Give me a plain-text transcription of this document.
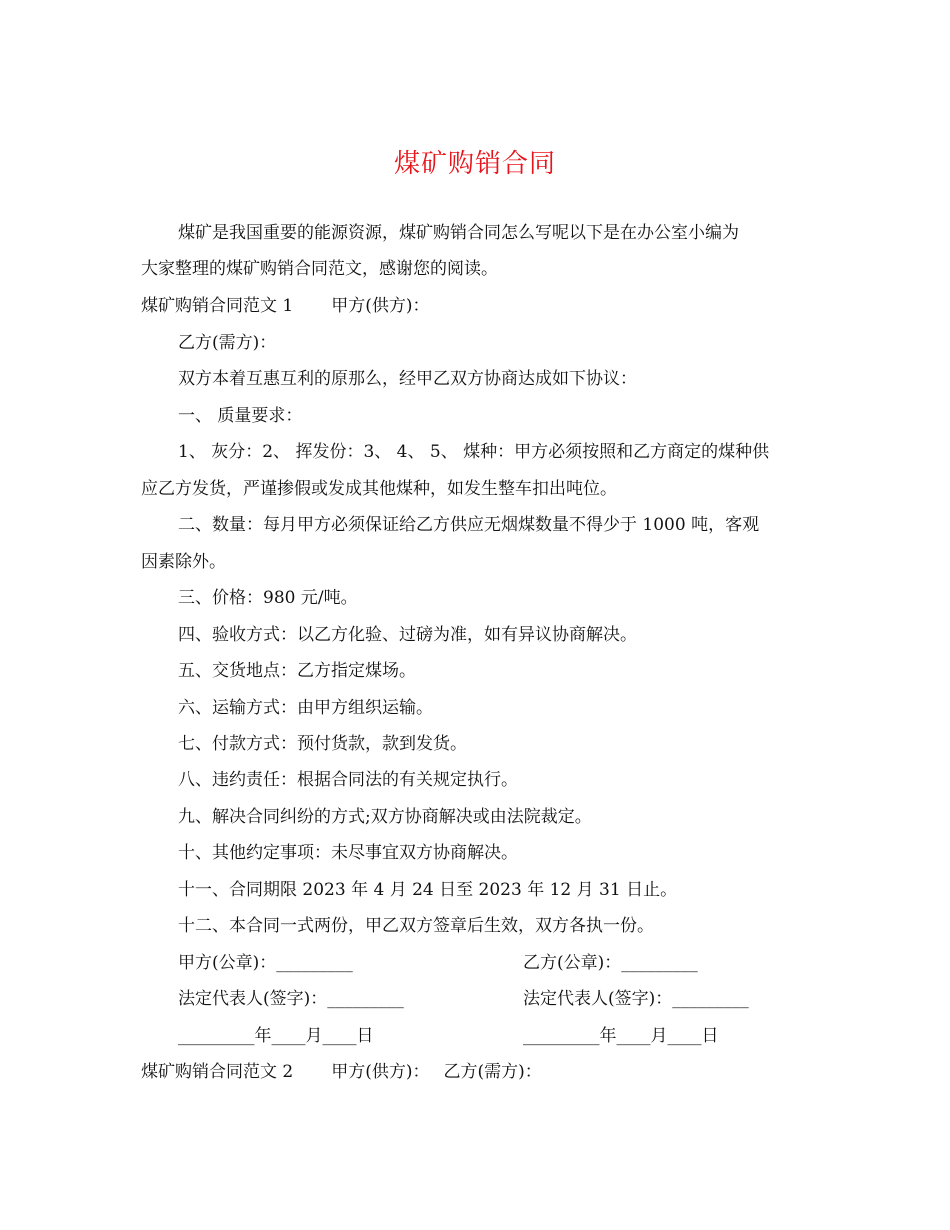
煤矿购销合同
煤矿是我国重要的能源资源，煤矿购销合同怎么写呢以下是在办公室小编为
大家整理的煤矿购销合同范文，感谢您的阅读。
煤矿购销合同范文 1 甲方(供方)：
乙方(需方)：
双方本着互惠互利的原那么，经甲乙双方协商达成如下协议：
一、 质量要求：
1、 灰分：2、 挥发份：3、 4、 5、 煤种：甲方必须按照和乙方商定的煤种供
应乙方发货，严谨掺假或发成其他煤种，如发生整车扣出吨位。
二、数量：每月甲方必须保证给乙方供应无烟煤数量不得少于 1000 吨，客观
因素除外。
三、价格：980 元/吨。
四、验收方式：以乙方化验、过磅为准，如有异议协商解决。
五、交货地点：乙方指定煤场。
六、运输方式：由甲方组织运输。
七、付款方式：预付货款，款到发货。
八、违约责任：根据合同法的有关规定执行。
九、解决合同纠纷的方式;双方协商解决或由法院裁定。
十、其他约定事项：未尽事宜双方协商解决。
十一、合同期限 2023 年 4 月 24 日至 2023 年 12 月 31 日止。
十二、本合同一式两份，甲乙双方签章后生效，双方各执一份。
甲方(公章)：_________	乙方(公章)：_________
法定代表人(签字)：_________	法定代表人(签字)：_________
_________年____月____日	_________年____月____日
煤矿购销合同范文 2 甲方(供方)： 乙方(需方)：
